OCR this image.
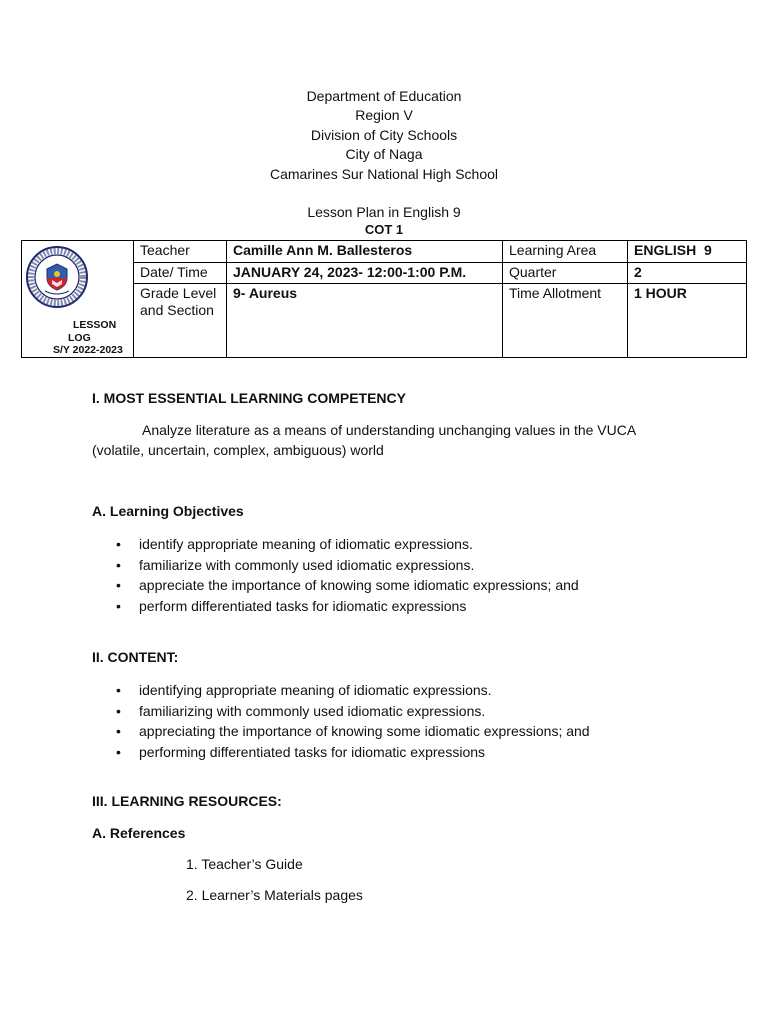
Department of Education
Region V
Division of City Schools
City of Naga
Camarines Sur National High School
Lesson Plan in English 9
COT 1
LESSON
LOG
S/Y 2022-2023	Teacher	Camille Ann M. Ballesteros	Learning Area	ENGLISH  9
	Date/ Time	JANUARY 24, 2023- 12:00-1:00 P.M.	Quarter	2
	Grade Level and Section	9- Aureus	Time Allotment	1 HOUR
I. MOST ESSENTIAL LEARNING COMPETENCY
Analyze literature as a means of understanding unchanging values in the VUCA (volatile, uncertain, complex, ambiguous) world
A. Learning Objectives
• identify appropriate meaning of idiomatic expressions.
• familiarize with commonly used idiomatic expressions.
• appreciate the importance of knowing some idiomatic expressions; and
• perform differentiated tasks for idiomatic expressions
II. CONTENT:
• identifying appropriate meaning of idiomatic expressions.
• familiarizing with commonly used idiomatic expressions.
• appreciating the importance of knowing some idiomatic expressions; and
• performing differentiated tasks for idiomatic expressions
III. LEARNING RESOURCES:
A. References
1. Teacher’s Guide
2. Learner’s Materials pages
